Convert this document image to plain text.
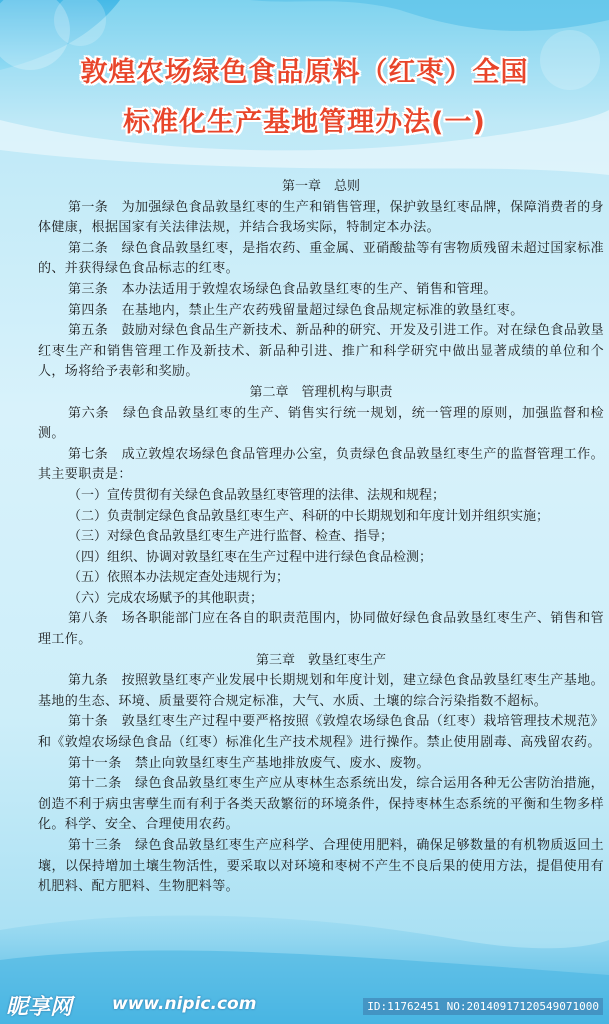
敦煌农场绿色食品原料（红枣）全国
标准化生产基地管理办法(一)

第一章　总则

第一条　为加强绿色食品敦垦红枣的生产和销售管理，保护敦垦红枣品牌，保障消费者的身体健康，根据国家有关法律法规，并结合我场实际，特制定本办法。

第二条　绿色食品敦垦红枣，是指农药、重金属、亚硝酸盐等有害物质残留未超过国家标准的、并获得绿色食品标志的红枣。

第三条　本办法适用于敦煌农场绿色食品敦垦红枣的生产、销售和管理。

第四条　在基地内，禁止生产农药残留量超过绿色食品规定标准的敦垦红枣。

第五条　鼓励对绿色食品生产新技术、新品种的研究、开发及引进工作。对在绿色食品敦垦红枣生产和销售管理工作及新技术、新品种引进、推广和科学研究中做出显著成绩的单位和个人，场将给予表彰和奖励。

第二章　管理机构与职责

第六条　绿色食品敦垦红枣的生产、销售实行统一规划，统一管理的原则，加强监督和检测。

第七条　成立敦煌农场绿色食品管理办公室，负责绿色食品敦垦红枣生产的监督管理工作。其主要职责是：

（一）宣传贯彻有关绿色食品敦垦红枣管理的法律、法规和规程；

（二）负责制定绿色食品敦垦红枣生产、科研的中长期规划和年度计划并组织实施；

（三）对绿色食品敦垦红枣生产进行监督、检查、指导；

（四）组织、协调对敦垦红枣在生产过程中进行绿色食品检测；

（五）依照本办法规定查处违规行为；

（六）完成农场赋予的其他职责；

第八条　场各职能部门应在各自的职责范围内，协同做好绿色食品敦垦红枣生产、销售和管理工作。

第三章　敦垦红枣生产

第九条　按照敦垦红枣产业发展中长期规划和年度计划，建立绿色食品敦垦红枣生产基地。基地的生态、环境、质量要符合规定标准，大气、水质、土壤的综合污染指数不超标。

第十条　敦垦红枣生产过程中要严格按照《敦煌农场绿色食品（红枣）栽培管理技术规范》和《敦煌农场绿色食品（红枣）标准化生产技术规程》进行操作。禁止使用剧毒、高残留农药。

第十一条　禁止向敦垦红枣生产基地排放废气、废水、废物。

第十二条　绿色食品敦垦红枣生产应从枣林生态系统出发，综合运用各种无公害防治措施，创造不利于病虫害孽生而有利于各类天敌繁衍的环境条件，保持枣林生态系统的平衡和生物多样化。科学、安全、合理使用农药。

第十三条　绿色食品敦垦红枣生产应科学、合理使用肥料，确保足够数量的有机物质返回土壤，以保持增加土壤生物活性，要采取以对环境和枣树不产生不良后果的使用方法，提倡使用有机肥料、配方肥料、生物肥料等。

昵享网 www.nipic.com	ID:11762451 NO:20140917120549071000
